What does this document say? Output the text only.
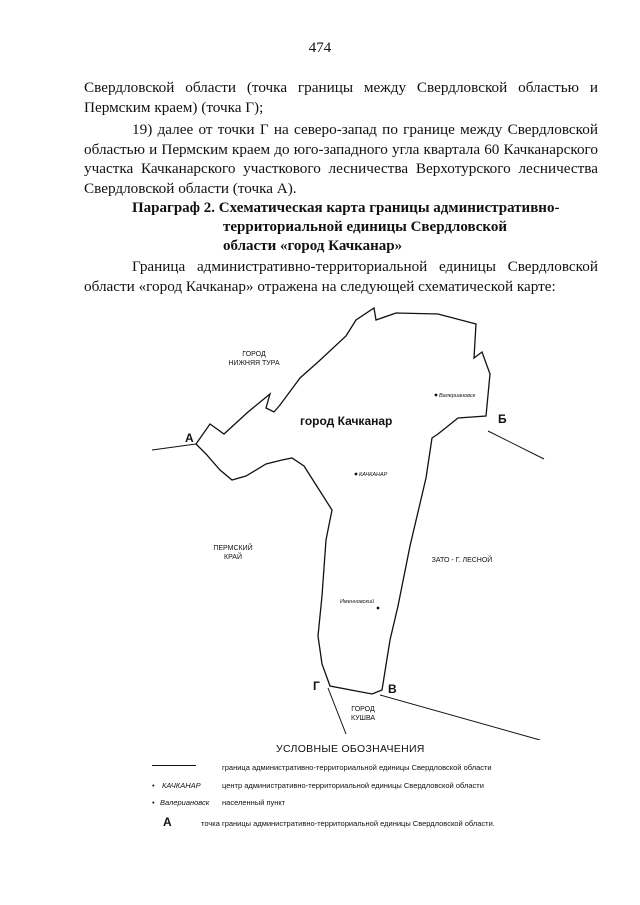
474
Свердловской области (точка границы между Свердловской областью и Пермским краем) (точка Г);
19) далее от точки Г на северо-запад по границе между Свердловской областью и Пермским краем до юго-западного угла квартала 60 Качканарского участка Качканарского участкового лесничества Верхотурского лесничества Свердловской области (точка А).
Параграф 2. Схематическая карта границы административно-
территориальной единицы Свердловской
области «город Качканар»
Граница административно-территориальной единицы Свердловской области «город Качканар» отражена на следующей схематической карте:
А
Б
Г	В
город Качканар
ГОРОД
НИЖНЯЯ ТУРА
ПЕРМСКИЙ
КРАЙ	ЗАТО - Г. ЛЕСНОЙ
ГОРОД
КУШВА
Валериановск
КАЧКАНАР
Именновский
УСЛОВНЫЕ ОБОЗНАЧЕНИЯ
граница административно-территориальной единицы Свердловской области
• КАЧКАНАР	центр административно-территориальной единицы Свердловской области
• Валериановск населенный пункт
А	точка границы административно-территориальной единицы Свердловской области.
